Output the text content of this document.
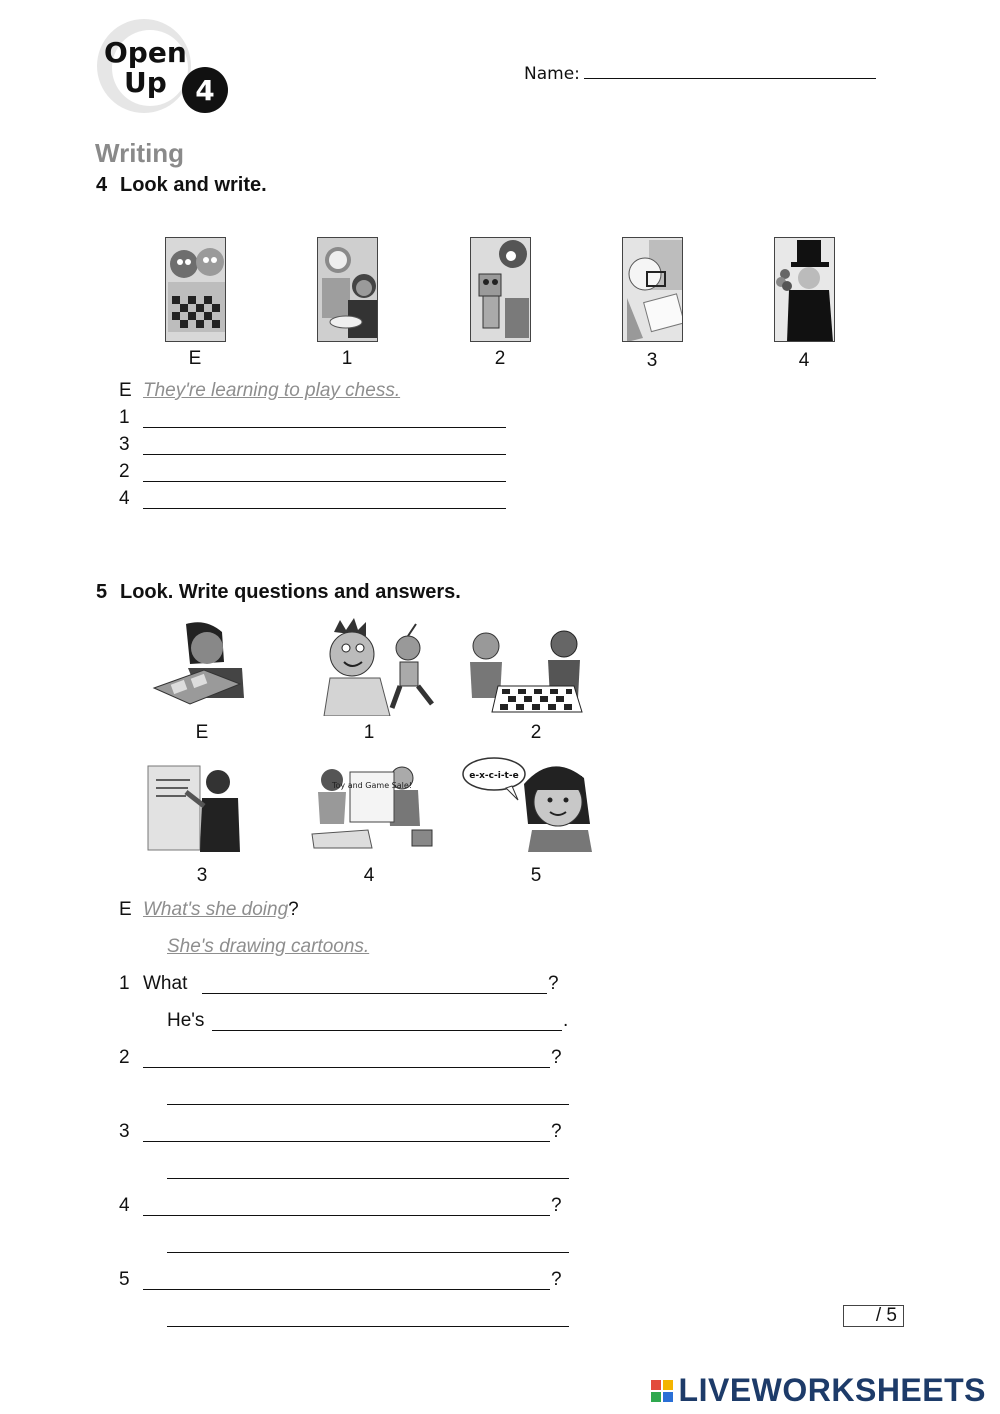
Open
Up 4	Name:
Writing
4 Look and write.
E	1	2	3	4
E They're learning to play chess.
1
3
2
4
5 Look. Write questions and answers.
E	1	2
Toy and Game Sale!
e-x-c-i-t-e
3	4	5
E What's she doing?
She's drawing cartoons.
1 What	?
He's	.
2	?
3	?
4	?
5	?
/ 5
LIVEWORKSHEETS
